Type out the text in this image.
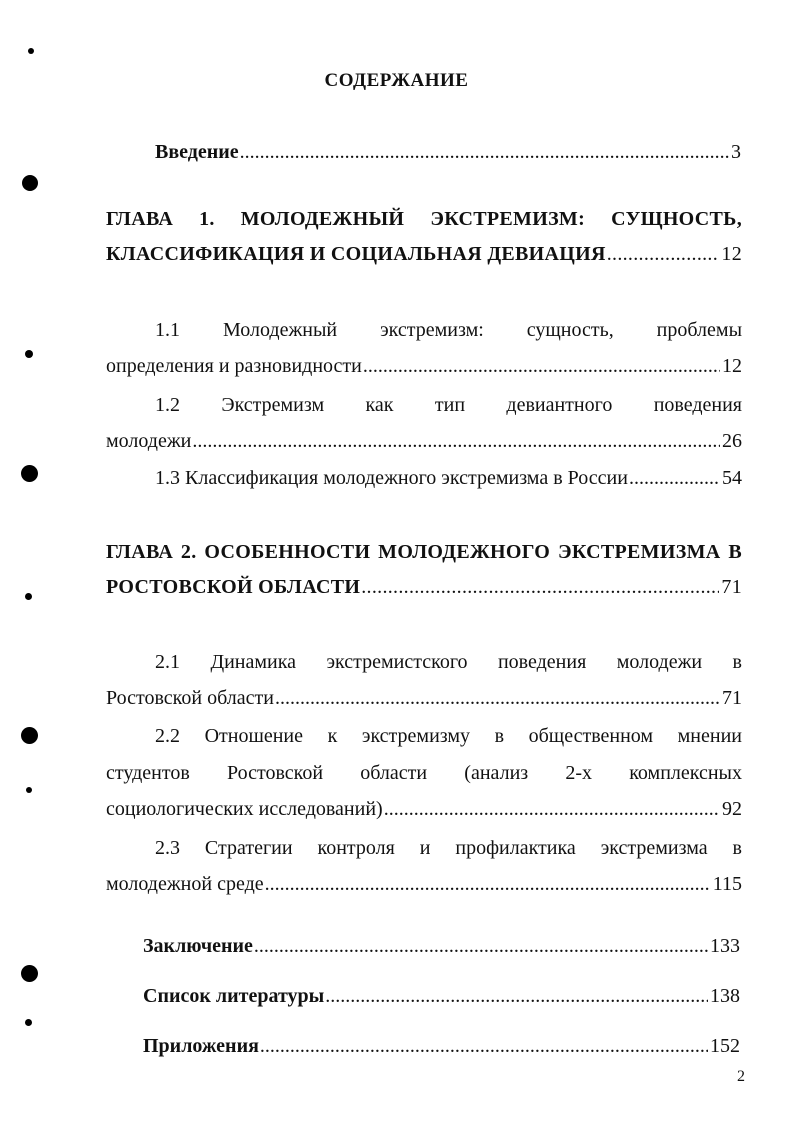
СОДЕРЖАНИЕ
Введение .....	3
ГЛАВА 1. МОЛОДЕЖНЫЙ ЭКСТРЕМИЗМ: СУЩНОСТЬ,
КЛАССИФИКАЦИЯ И СОЦИАЛЬНАЯ ДЕВИАЦИЯ .....	12
1.1 Молодежный экстремизм: сущность, проблемы
определения и разновидности .....	12
1.2 Экстремизм как тип девиантного поведения
молодежи .....	26
1.3 Классификация молодежного экстремизма в России .....	54
ГЛАВА 2. ОСОБЕННОСТИ МОЛОДЕЖНОГО ЭКСТРЕМИЗМА В
РОСТОВСКОЙ ОБЛАСТИ .....	71
2.1 Динамика экстремистского поведения молодежи в
Ростовской области .....	71
2.2 Отношение к экстремизму в общественном мнении
студентов Ростовской области (анализ 2-х комплексных
социологических исследований) .....	92
2.3 Стратегии контроля и профилактика экстремизма в
молодежной среде .....	115
Заключение .....	133
Список литературы .....	138
Приложения .....	152
2
